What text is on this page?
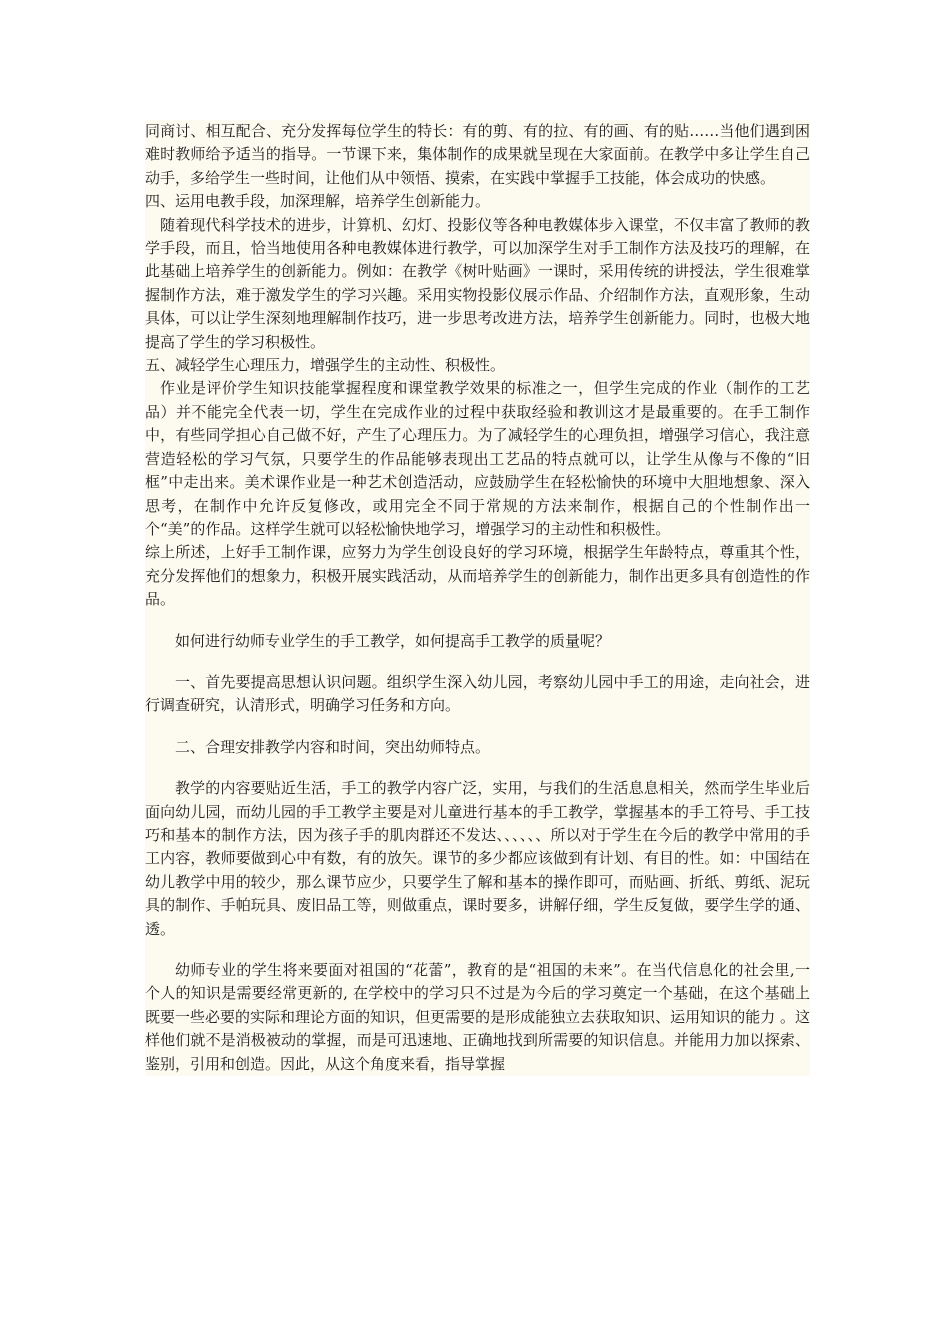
同商讨、相互配合、充分发挥每位学生的特长：有的剪、有的拉、有的画、有的贴……当他们遇到困难时教师给予适当的指导。一节课下来，集体制作的成果就呈现在大家面前。在教学中多让学生自己动手，多给学生一些时间，让他们从中领悟、摸索，在实践中掌握手工技能，体会成功的快感。

四、运用电教手段，加深理解，培养学生创新能力。

随着现代科学技术的进步，计算机、幻灯、投影仪等各种电教媒体步入课堂，不仅丰富了教师的教学手段，而且，恰当地使用各种电教媒体进行教学，可以加深学生对手工制作方法及技巧的理解，在此基础上培养学生的创新能力。例如：在教学《树叶贴画》一课时，采用传统的讲授法，学生很难掌握制作方法，难于激发学生的学习兴趣。采用实物投影仪展示作品、介绍制作方法，直观形象，生动具体，可以让学生深刻地理解制作技巧，进一步思考改进方法，培养学生创新能力。同时，也极大地提高了学生的学习积极性。

五、减轻学生心理压力，增强学生的主动性、积极性。

作业是评价学生知识技能掌握程度和课堂教学效果的标准之一，但学生完成的作业（制作的工艺品）并不能完全代表一切，学生在完成作业的过程中获取经验和教训这才是最重要的。在手工制作中，有些同学担心自己做不好，产生了心理压力。为了减轻学生的心理负担，增强学习信心，我注意营造轻松的学习气氛，只要学生的作品能够表现出工艺品的特点就可以，让学生从像与不像的“旧框”中走出来。美术课作业是一种艺术创造活动，应鼓励学生在轻松愉快的环境中大胆地想象、深入思考，在制作中允许反复修改，或用完全不同于常规的方法来制作，根据自己的个性制作出一个“美”的作品。这样学生就可以轻松愉快地学习，增强学习的主动性和积极性。

综上所述，上好手工制作课，应努力为学生创设良好的学习环境，根据学生年龄特点，尊重其个性，充分发挥他们的想象力，积极开展实践活动，从而培养学生的创新能力，制作出更多具有创造性的作品。

如何进行幼师专业学生的手工教学，如何提高手工教学的质量呢？

一、首先要提高思想认识问题。组织学生深入幼儿园，考察幼儿园中手工的用途，走向社会，进行调查研究，认清形式，明确学习任务和方向。

二、合理安排教学内容和时间，突出幼师特点。

教学的内容要贴近生活，手工的教学内容广泛，实用，与我们的生活息息相关，然而学生毕业后面向幼儿园，而幼儿园的手工教学主要是对儿童进行基本的手工教学，掌握基本的手工符号、手工技巧和基本的制作方法，因为孩子手的肌肉群还不发达、、、、、、所以对于学生在今后的教学中常用的手工内容，教师要做到心中有数，有的放矢。课节的多少都应该做到有计划、有目的性。如：中国结在幼儿教学中用的较少，那么课节应少，只要学生了解和基本的操作即可，而贴画、折纸、剪纸、泥玩具的制作、手帕玩具、废旧品工等，则做重点，课时要多，讲解仔细，学生反复做，要学生学的通、透。

幼师专业的学生将来要面对祖国的“花蕾”，教育的是“祖国的未来”。在当代信息化的社会里,一个人的知识是需要经常更新的, 在学校中的学习只不过是为今后的学习奠定一个基础，在这个基础上既要一些必要的实际和理论方面的知识，但更需要的是形成能独立去获取知识、运用知识的能力 。这样他们就不是消极被动的掌握，而是可迅速地、正确地找到所需要的知识信息。并能用力加以探索、鉴别，引用和创造。因此，从这个角度来看，指导掌握
